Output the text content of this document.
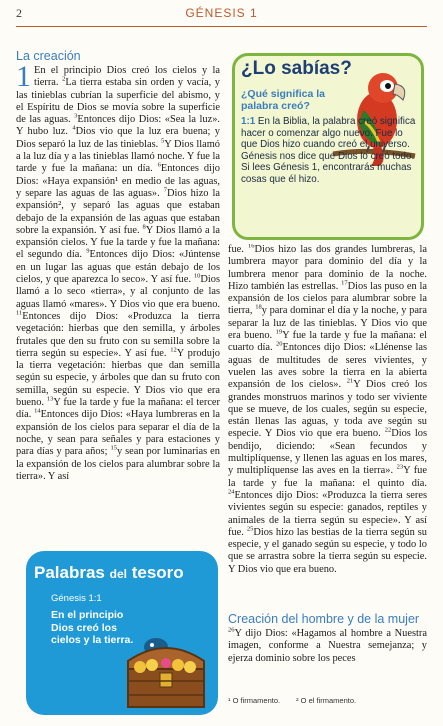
2	GÉNESIS 1
La creación
1 En el principio Dios creó los cielos y la tierra. $^2$La tierra estaba sin orden y vacía, y las tinieblas cubrían la superficie del abismo, y el Espíritu de Dios se movía sobre la superficie de las aguas. $^3$Entonces dijo Dios: «Sea la luz». Y hubo luz. $^4$Dios vio que la luz era buena; y Dios separó la luz de las tinieblas. $^5$Y Dios llamó a la luz día y a las tinieblas llamó noche. Y fue la tarde y fue la mañana: un día. $^6$Entonces dijo Dios: «Haya expansión¹ en medio de las aguas, y separe las aguas de las aguas». $^7$Dios hizo la expansión², y separó las aguas que estaban debajo de la expansión de las aguas que estaban sobre la expansión. Y así fue. $^8$Y Dios llamó a la expansión cielos. Y fue la tarde y fue la mañana: el segundo día. $^9$Entonces dijo Dios: «Júntense en un lugar las aguas que están debajo de los cielos, y que aparezca lo seco». Y así fue. $^{10}$Dios llamó a lo seco «tierra», y al conjunto de las aguas llamó «mares». Y Dios vio que era bueno. $^{11}$Entonces dijo Dios: «Produzca la tierra vegetación: hierbas que den semilla, y árboles frutales que den su fruto con su semilla sobre la tierra según su especie». Y así fue. $^{12}$Y produjo la tierra vegetación: hierbas que dan semilla según su especie, y árboles que dan su fruto con semilla, según su especie. Y Dios vio que era bueno. $^{13}$Y fue la tarde y fue la mañana: el tercer día. $^{14}$Entonces dijo Dios: «Haya lumbreras en la expansión de los cielos para separar el día de la noche, y sean para señales y para estaciones y para días y para años; $^{15}$y sean por luminarias en la expansión de los cielos para alumbrar sobre la tierra». Y así

fue. $^{16}$Dios hizo las dos grandes lumbreras, la lumbrera mayor para dominio del día y la lumbrera menor para dominio de la noche. Hizo también las estrellas. $^{17}$Dios las puso en la expansión de los cielos para alumbrar sobre la tierra, $^{18}$y para dominar el día y la noche, y para separar la luz de las tinieblas. Y Dios vio que era bueno. $^{19}$Y fue la tarde y fue la mañana: el cuarto día. $^{20}$Entonces dijo Dios: «Llénense las aguas de multitudes de seres vivientes, y vuelen las aves sobre la tierra en la abierta expansión de los cielos». $^{21}$Y Dios creó los grandes monstruos marinos y todo ser viviente que se mueve, de los cuales, según su especie, están llenas las aguas, y toda ave según su especie. Y Dios vio que era bueno. $^{22}$Dios los bendijo, diciendo: «Sean fecundos y multiplíquense, y llenen las aguas en los mares, y multiplíquense las aves en la tierra». $^{23}$Y fue la tarde y fue la mañana: el quinto día. $^{24}$Entonces dijo Dios: «Produzca la tierra seres vivientes según su especie: ganados, reptiles y animales de la tierra según su especie». Y así fue. $^{25}$Dios hizo las bestias de la tierra según su especie, y el ganado según su especie, y todo lo que se arrastra sobre la tierra según su especie. Y Dios vio que era bueno.

Creación del hombre y de la mujer

$^{26}$Y dijo Dios: «Hagamos al hombre a Nuestra imagen, conforme a Nuestra semejanza; y ejerza dominio sobre los peces

¿Lo sabías?
¿Qué significa la palabra creó?
1:1 En la Biblia, la palabra creó significa hacer o comenzar algo nuevo. Fue lo que Dios hizo cuando creó el universo. Génesis nos dice que Dios lo creó todo. Si lees Génesis 1, encontrarás muchas cosas que él hizo.
Palabras del tesoro
Génesis 1:1
En el principio Dios creó los cielos y la tierra.
¹ O firmamento. ² O el firmamento.
